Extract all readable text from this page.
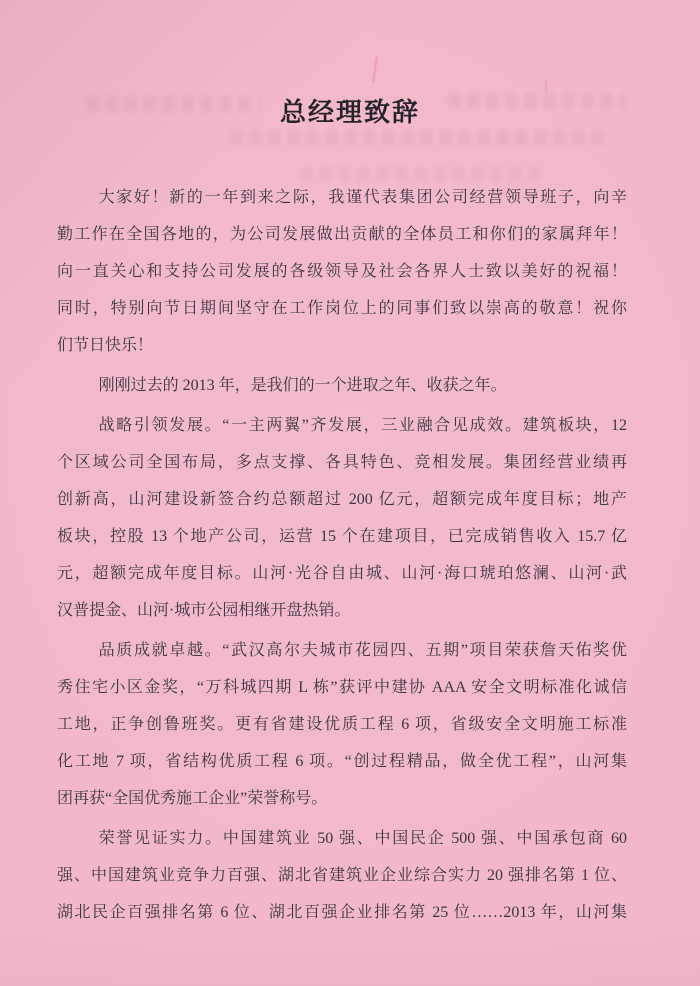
总经理致辞
大家好！新的一年到来之际，我谨代表集团公司经营领导班子，向辛
勤工作在全国各地的，为公司发展做出贡献的全体员工和你们的家属拜年！
向一直关心和支持公司发展的各级领导及社会各界人士致以美好的祝福！
同时，特别向节日期间坚守在工作岗位上的同事们致以崇高的敬意！祝你
们节日快乐！
刚刚过去的 2013 年，是我们的一个进取之年、收获之年。
战略引领发展。“一主两翼”齐发展，三业融合见成效。建筑板块，12
个区域公司全国布局，多点支撑、各具特色、竞相发展。集团经营业绩再
创新高，山河建设新签合约总额超过 200 亿元，超额完成年度目标；地产
板块，控股 13 个地产公司，运营 15 个在建项目，已完成销售收入 15.7 亿
元，超额完成年度目标。山河·光谷自由城、山河·海口琥珀悠澜、山河·武
汉普提金、山河·城市公园相继开盘热销。
品质成就卓越。“武汉高尔夫城市花园四、五期”项目荣获詹天佑奖优
秀住宅小区金奖，“万科城四期 L 栋”获评中建协 AAA 安全文明标准化诚信
工地，正争创鲁班奖。更有省建设优质工程 6 项，省级安全文明施工标准
化工地 7 项，省结构优质工程 6 项。“创过程精品，做全优工程”，山河集
团再获“全国优秀施工企业”荣誉称号。
荣誉见证实力。中国建筑业 50 强、中国民企 500 强、中国承包商 60
强、中国建筑业竞争力百强、湖北省建筑业企业综合实力 20 强排名第 1 位、
湖北民企百强排名第 6 位、湖北百强企业排名第 25 位……2013 年，山河集
